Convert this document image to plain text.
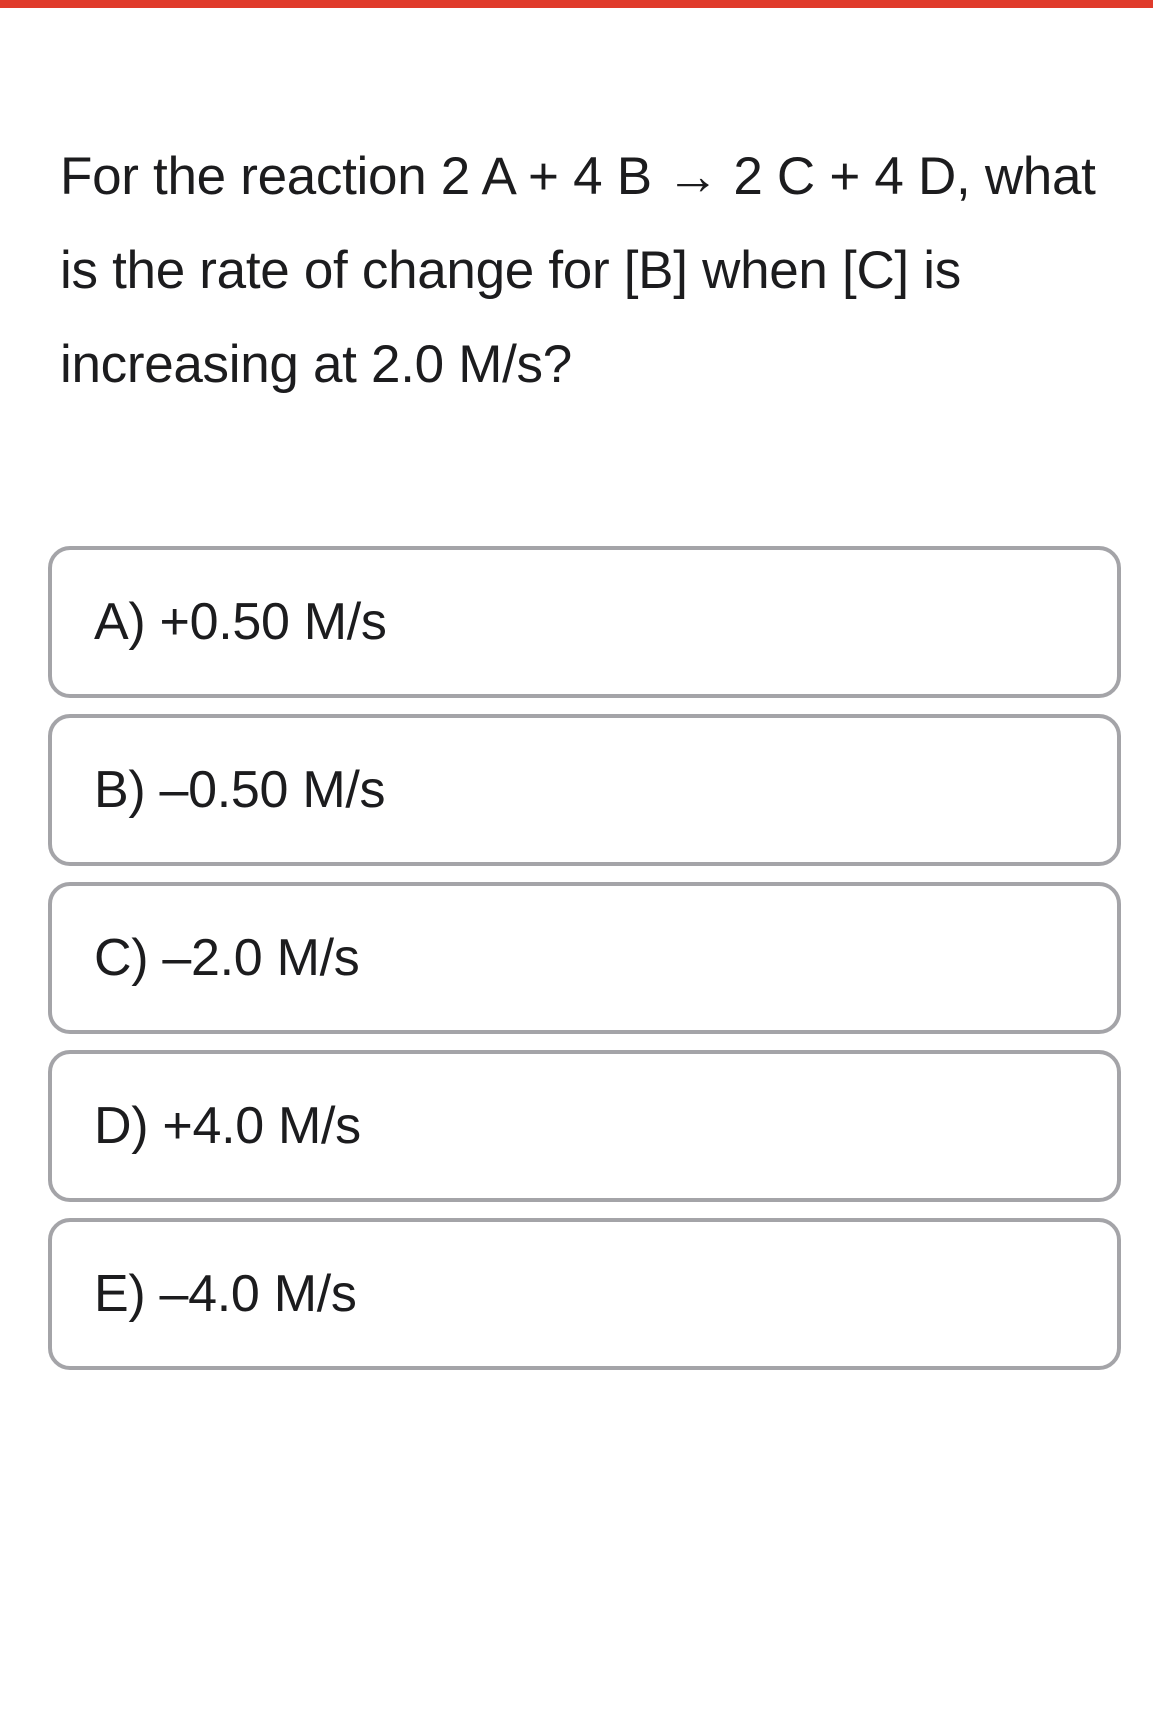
For the reaction 2 A + 4 B → 2 C + 4 D, what is the rate of change for [B] when [C] is increasing at 2.0 M/s?

A) +0.50 M/s
B) –0.50 M/s
C) –2.0 M/s
D) +4.0 M/s
E) –4.0 M/s
